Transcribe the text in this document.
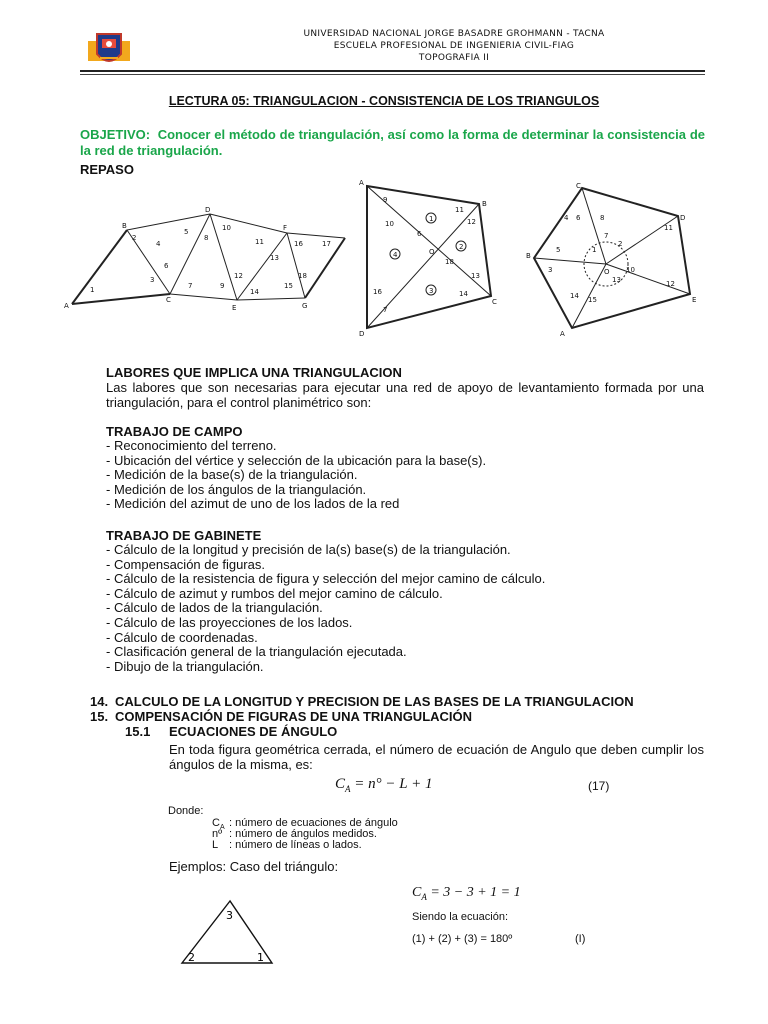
UNIVERSIDAD NACIONAL JORGE BASADRE GROHMANN - TACNA
ESCUELA PROFESIONAL DE INGENIERIA CIVIL-FIAG
TOPOGRAFIA II
LECTURA 05: TRIANGULACION - CONSISTENCIA DE LOS TRIANGULOS
OBJETIVO: Conocer el método de triangulación, así como la forma de determinar la consistencia de la red de triangulación.
REPASO
A
B
C
D
E
F
G
1
2
3
4
5
6
7
8
9
10
11
12
13
14
15
16	17
18
A
B
C
D
O
1
2
3
4
9
10
11
12
13
14
7
16
6
18
C
D
E
A
B
O
3
4
5
6	8
11
12
10
13
2
1
15
14
7
LABORES QUE IMPLICA UNA TRIANGULACION
Las labores que son necesarias para ejecutar una red de apoyo de levantamiento formada por una triangulación, para el control planimétrico son:
TRABAJO DE CAMPO
- Reconocimiento del terreno.
- Ubicación del vértice y selección de la ubicación para la base(s).
- Medición de la base(s) de la triangulación.
- Medición de los ángulos de la triangulación.
- Medición del azimut de uno de los lados de la red
TRABAJO DE GABINETE
- Cálculo de la longitud y precisión de la(s) base(s) de la triangulación.
- Compensación de figuras.
- Cálculo de la resistencia de figura y selección del mejor camino de cálculo.
- Cálculo de azimut y rumbos del mejor camino de cálculo.
- Cálculo de lados de la triangulación.
- Cálculo de las proyecciones de los lados.
- Cálculo de coordenadas.
- Clasificación general de la triangulación ejecutada.
- Dibujo de la triangulación.
14. CALCULO DE LA LONGITUD Y PRECISION DE LAS BASES DE LA TRIANGULACION
15. COMPENSACIÓN DE FIGURAS DE UNA TRIANGULACIÓN
15.1 ECUACIONES DE ÁNGULO
En toda figura geométrica cerrada, el número de ecuación de Angulo que deben cumplir los ángulos de la misma, es:
$C_A = n^\circ - L + 1$	(17)
Donde:
$C_A$ : número de ecuaciones de ángulo
nº : número de ángulos medidos.
L : número de líneas o lados.
Ejemplos: Caso del triángulo:
3
2	1
$C_A = 3 - 3 + 1 = 1$
Siendo la ecuación:
(1) + (2) + (3) = 180º	(I)
